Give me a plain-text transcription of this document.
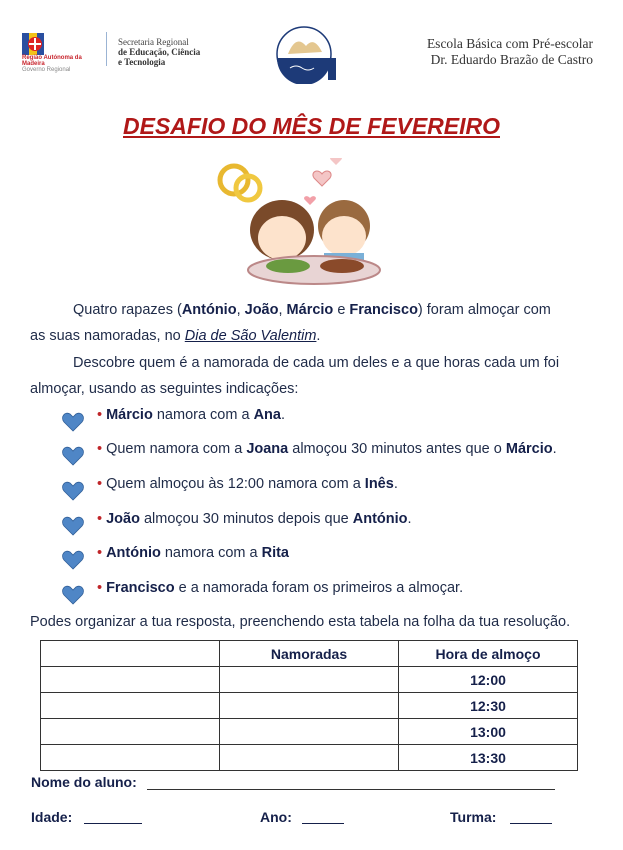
Região Autónoma da Madeira
Governo Regional
Secretaria Regional
de Educação, Ciência
e Tecnologia
Escola Básica com Pré-escolar
Dr. Eduardo Brazão de Castro
DESAFIO DO MÊS DE FEVEREIRO
Quatro rapazes (António, João, Márcio e Francisco) foram almoçar com
as suas namoradas, no Dia de São Valentim.
Descobre quem é a namorada de cada um deles e a que horas cada um foi
almoçar, usando as seguintes indicações:
• Márcio namora com a Ana.
• Quem namora com a Joana almoçou 30 minutos antes que o Márcio.
• Quem almoçou às 12:00 namora com a Inês.
• João almoçou 30 minutos depois que António.
• António namora com a Rita
• Francisco e a namorada foram os primeiros a almoçar.
Podes organizar a tua resposta, preenchendo esta tabela na folha da tua resolução.
	Namoradas	Hora de almoço
		12:00
		12:30
		13:00
		13:30
Nome do aluno:
Idade:	Ano:	Turma:
